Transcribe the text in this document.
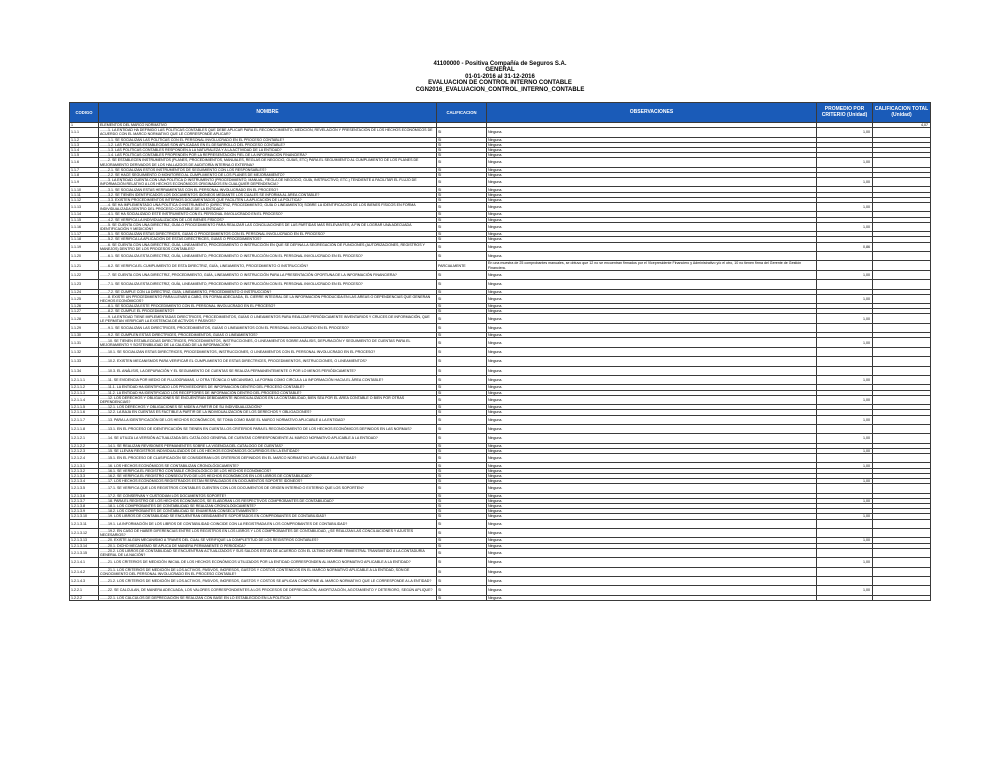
41100000 - Positiva Compañía de Seguros S.A.
GENERAL
01-01-2016 al 31-12-2016
EVALUACION DE CONTROL INTERNO CONTABLE
CGN2016_EVALUACION_CONTROL_INTERNO_CONTABLE
CODIGO	NOMBRE	CALIFICACION	OBSERVACIONES	PROMEDIO POR CRITERIO (Unidad)	CALIFICACION TOTAL (Unidad)
1	ELEMENTOS DEL MARCO NORMATIVO				4,07
1.1.1	........1. LA ENTIDAD HA DEFINIDO LAS POLÍTICAS CONTABLES QUE DEBE APLICAR PARA EL RECONOCIMIENTO, MEDICIÓN, REVELACIÓN Y PRESENTACIÓN DE LOS HECHOS ECONÓMICOS DE ACUERDO CON EL MARCO NORMATIVO QUE LE CORRESPONDE APLICAR?	SI	Ninguna.	1,00	
1.1.2	........1.1. SE SOCIALIZAN LAS POLÍTICAS CON EL PERSONAL INVOLUCRADO EN EL PROCESO CONTABLE?	SI	Ninguna.		
1.1.3	........1.2. LAS POLÍTICAS ESTABLECIDAS SON APLICADAS EN EL DESARROLLO DEL PROCESO CONTABLE?	SI	Ninguna.		
1.1.4	........1.3. LAS POLÍTICAS CONTABLES RESPONDEN A LA NATURALEZA Y A LA ACTIVIDAD DE LA ENTIDAD?	SI	Ninguna.		
1.1.5	........1.4. LAS POLÍTICAS CONTABLES PROPENDEN POR LA REPRESENTACIÓN FIEL DE LA INFORMACIÓN FINANCIERA?	SI	Ninguna.		
1.1.6	........2. SE ESTABLECEN INSTRUMENTOS (PLANES, PROCEDIMIENTOS, MANUALES, REGLAS DE NEGOCIO, GUÍAS, ETC) PARA EL SEGUIMIENTO AL CUMPLIMIENTO DE LOS PLANES DE MEJORAMIENTO DERIVADOS DE LOS HALLAZGOS DE AUDITORÍA INTERNA O EXTERNA?	SI	Ninguna.	1,00	
1.1.7	........2.1. SE SOCIALIZAN ESTOS INSTRUMENTOS DE SEGUIMIENTO CON LOS RESPONSABLES?	SI	Ninguna.		
1.1.8	........2.2. SE HACE SEGUIMIENTO O MONITOREO AL CUMPLIMIENTO DE LOS PLANES DE MEJORAMIENTO?	SI	Ninguna.		
1.1.9	........3. LA ENTIDAD CUENTA CON UNA POLÍTICA O INSTRUMENTO (PROCEDIMIENTO, MANUAL, REGLA DE NEGOCIO, GUÍA, INSTRUCTIVO, ETC.) TENDIENTE A FACILITAR EL FLUJO DE INFORMACIÓN RELATIVO A LOS HECHOS ECONÓMICOS ORIGINADOS EN CUALQUIER DEPENDENCIA?	SI	Ninguna.	1,00	
1.1.10	........3.1. SE SOCIALIZAN ESTAS HERRAMIENTAS CON EL PERSONAL INVOLUCRADO EN EL PROCESO?	SI	Ninguna.		
1.1.11	........3.2. SE TIENEN IDENTIFICADOS LOS DOCUMENTOS IDÓNEOS MEDIANTE LOS CUALES SE INFORMA AL ÁREA CONTABLE?	SI	Ninguna.		
1.1.12	........3.3. EXISTEN PROCEDIMIENTOS INTERNOS DOCUMENTADOS QUE FACILITEN LA APLICACIÓN DE LA POLÍTICA?	SI	Ninguna.		
1.1.13	........4. SE HA IMPLEMENTADO UNA POLÍTICA O INSTRUMENTO (DIRECTRIZ, PROCEDIMIENTO, GUÍA O LINEAMIENTO) SOBRE LA IDENTIFICACIÓN DE LOS BIENES FÍSICOS EN FORMA INDIVIDUALIZADA DENTRO DEL PROCESO CONTABLE DE LA ENTIDAD?	SI	Ninguna.	1,00	
1.1.14	........4.1. SE HA SOCIALIZADO ESTE INSTRUMENTO CON EL PERSONAL INVOLUCRADO EN EL PROCESO?	SI	Ninguna.		
1.1.15	........4.2. SE VERIFICA LA INDIVIDUALIZACIÓN DE LOS BIENES FÍSICOS?	SI	Ninguna.		
1.1.16	........5. SE CUENTA CON UNA DIRECTRIZ, GUÍA O PROCEDIMIENTO PARA REALIZAR LAS CONCILIACIONES DE LAS PARTIDAS MÁS RELEVANTES, A FIN DE LOGRAR UNA ADECUADA IDENTIFICACIÓN Y MEDICIÓN?	SI	Ninguna.	1,00	
1.1.17	........5.1. SE SOCIALIZAN ESTAS DIRECTRICES, GUÍAS O PROCEDIMIENTOS CON EL PERSONAL INVOLUCRADO EN EL PROCESO?	SI	Ninguna.		
1.1.18	........5.2. SE VERIFICA LA APLICACIÓN DE ESTAS DIRECTRICES, GUÍAS O PROCEDIMIENTOS?	SI	Ninguna.		
1.1.19	........6. SE CUENTA CON UNA DIRECTRIZ, GUÍA, LINEAMIENTO, PROCEDIMIENTO O INSTRUCCIÓN EN QUE SE DEFINA LA SEGREGACIÓN DE FUNCIONES (AUTORIZACIONES, REGISTROS Y MANEJOS) DENTRO DE LOS PROCESOS CONTABLES?	SI	Ninguna.	0,86	
1.1.20	........6.1. SE SOCIALIZA ESTA DIRECTRIZ, GUÍA, LINEAMIENTO, PROCEDIMIENTO O INSTRUCCIÓN CON EL PERSONAL INVOLUCRADO EN EL PROCESO?	SI	Ninguna.		
1.1.21	........6.2. SE VERIFICA EL CUMPLIMIENTO DE ESTA DIRECTRIZ, GUÍA, LINEAMIENTO, PROCEDIMIENTO O INSTRUCCIÓN?	PARCIALMENTE	En una muestra de 25 comprobantes manuales, se obtuvo que 12 no se encuentran firmados por el Vicepresidente Financiero y Administrativo y/o el otro, 10 no tienen firma del Gerente de Gestión Financiera.		
1.1.22	........7. SE CUENTA CON UNA DIRECTRIZ, PROCEDIMIENTO, GUÍA, LINEAMIENTO O INSTRUCCIÓN PARA LA PRESENTACIÓN OPORTUNA DE LA INFORMACIÓN FINANCIERA?	SI	Ninguna.	1,00	
1.1.23	........7.1. SE SOCIALIZA ESTA DIRECTRIZ, GUÍA, LINEAMIENTO, PROCEDIMIENTO O INSTRUCCIÓN CON EL PERSONAL INVOLUCRADO EN EL PROCESO?	SI	Ninguna.		
1.1.24	........7.2. SE CUMPLE CON LA DIRECTRIZ, GUÍA, LINEAMIENTO, PROCEDIMIENTO O INSTRUCCIÓN?	SI	Ninguna.		
1.1.25	........8. EXISTE UN PROCEDIMIENTO PARA LLEVAR A CABO, EN FORMA ADECUADA, EL CIERRE INTEGRAL DE LA INFORMACIÓN PRODUCIDA EN LAS ÁREAS O DEPENDENCIAS QUE GENERAN HECHOS ECONÓMICOS?	SI	Ninguna.	1,00	
1.1.26	........8.1. SE SOCIALIZA ESTE PROCEDIMIENTO CON EL PERSONAL INVOLUCRADO EN EL PROCESO?	SI	Ninguna.		
1.1.27	........8.2. SE CUMPLE EL PROCEDIMIENTO?	SI	Ninguna.		
1.1.28	........9. LA ENTIDAD TIENE IMPLEMENTADAS DIRECTRICES, PROCEDIMIENTOS, GUÍAS O LINEAMIENTOS PARA REALIZAR PERIÓDICAMENTE INVENTARIOS Y CRUCES DE INFORMACIÓN, QUE LE PERMITAN VERIFICAR LA EXISTENCIA DE ACTIVOS Y PASIVOS?	SI	Ninguna.	1,00	
1.1.29	........9.1. SE SOCIALIZAN LAS DIRECTRICES, PROCEDIMIENTOS, GUÍAS O LINEAMIENTOS CON EL PERSONAL INVOLUCRADO EN EL PROCESO?	SI	Ninguna.		
1.1.30	........9.2. SE CUMPLEN ESTAS DIRECTRICES, PROCEDIMIENTOS, GUÍAS O LINEAMIENTOS?	SI	Ninguna.		
1.1.31	........10. SE TIENEN ESTABLECIDAS DIRECTRICES, PROCEDIMIENTOS, INSTRUCCIONES, O LINEAMIENTOS SOBRE ANÁLISIS, DEPURACIÓN Y SEGUIMIENTO DE CUENTAS PARA EL MEJORAMIENTO Y SOSTENIBILIDAD DE LA CALIDAD DE LA INFORMACIÓN?	SI	Ninguna.	1,00	
1.1.32	........10.1. SE SOCIALIZAN ESTAS DIRECTRICES, PROCEDIMIENTOS, INSTRUCCIONES, O LINEAMIENTOS CON EL PERSONAL INVOLUCRADO EN EL PROCESO?	SI	Ninguna.		
1.1.33	........10.2. EXISTEN MECANISMOS PARA VERIFICAR EL CUMPLIMIENTO DE ESTAS DIRECTRICES, PROCEDIMIENTOS, INSTRUCCIONES, O LINEAMIENTOS?	SI	Ninguna.		
1.1.34	........10.3. EL ANÁLISIS, LA DEPURACIÓN Y EL SEGUIMIENTO DE CUENTAS SE REALIZA PERMANENTEMENTE O POR LO MENOS PERIÓDICAMENTE?	SI	Ninguna.		
1.2.1.1.1	........11. SE EVIDENCIA POR MEDIO DE FLUJOGRAMAS, U OTRA TÉCNICA O MECANISMO, LA FORMA COMO CIRCULA LA INFORMACIÓN HACIA EL ÁREA CONTABLE?	SI	Ninguna.	1,00	
1.2.1.1.2	........11.1. LA ENTIDAD HA IDENTIFICADO LOS PROVEEDORES DE INFORMACIÓN DENTRO DEL PROCESO CONTABLE?	SI	Ninguna.		
1.2.1.1.3	........11.2. LA ENTIDAD HA IDENTIFICADO LOS RECEPTORES DE INFORMACIÓN DENTRO DEL PROCESO CONTABLE?	SI	Ninguna.		
1.2.1.1.4	........12. LOS DERECHOS Y OBLIGACIONES SE ENCUENTRAN DEBIDAMENTE INDIVIDUALIZADOS EN LA CONTABILIDAD, BIEN SEA POR EL ÁREA CONTABLE O BIEN POR OTRAS DEPENDENCIAS?	SI	Ninguna.	1,00	
1.2.1.1.5	........12.1. LOS DERECHOS Y OBLIGACIONES SE MIDEN A PARTIR DE SU INDIVIDUALIZACIÓN?	SI	Ninguna.		
1.2.1.1.6	........12.2. LA BAJA EN CUENTAS ES FACTIBLE A PARTIR DE LA INDIVIDUALIZACIÓN DE LOS DERECHOS Y OBLIGACIONES?	SI	Ninguna.		
1.2.1.1.7	........13. PARA LA IDENTIFICACIÓN DE LOS HECHOS ECONÓMICOS, SE TOMA COMO BASE EL MARCO NORMATIVO APLICABLE A LA ENTIDAD?	SI	Ninguna.	1,00	
1.2.1.1.8	........13.1. EN EL PROCESO DE IDENTIFICACIÓN SE TIENEN EN CUENTA LOS CRITERIOS PARA EL RECONOCIMIENTO DE LOS HECHOS ECONÓMICOS DEFINIDOS EN LAS NORMAS?	SI	Ninguna.		
1.2.1.2.1	........14. SE UTILIZA LA VERSIÓN ACTUALIZADA DEL CATÁLOGO GENERAL DE CUENTAS CORRESPONDIENTE AL MARCO NORMATIVO APLICABLE A LA ENTIDAD?	SI	Ninguna.	1,00	
1.2.1.2.2	........14.1. SE REALIZAN REVISIONES PERMANENTES SOBRE LA VIGENCIA DEL CATÁLOGO DE CUENTAS?	SI	Ninguna.		
1.2.1.2.3	........15. SE LLEVAN REGISTROS INDIVIDUALIZADOS DE LOS HECHOS ECONÓMICOS OCURRIDOS EN LA ENTIDAD?	SI	Ninguna.	1,00	
1.2.1.2.4	........15.1. EN EL PROCESO DE CLASIFICACIÓN SE CONSIDERAN LOS CRITERIOS DEFINIDOS EN EL MARCO NORMATIVO APLICABLE A LA ENTIDAD?	SI	Ninguna.		
1.2.1.3.1	........16. LOS HECHOS ECONÓMICOS SE CONTABILIZAN CRONOLÓGICAMENTE?	SI	Ninguna.	1,00	
1.2.1.3.2	........16.1. SE VERIFICA EL REGISTRO CONTABLE CRONOLÓGICO DE LOS HECHOS ECONÓMICOS?	SI	Ninguna.		
1.2.1.3.3	........16.2. SE VERIFICA EL REGISTRO CONSECUTIVO DE LOS HECHOS ECONÓMICOS EN LOS LIBROS DE CONTABILIDAD?	SI	Ninguna.		
1.2.1.3.4	........17. LOS HECHOS ECONÓMICOS REGISTRADOS ESTÁN RESPALDADOS EN DOCUMENTOS SOPORTE IDÓNEOS?	SI	Ninguna.	1,00	
1.2.1.3.5	........17.1. SE VERIFICA QUE LOS REGISTROS CONTABLES CUENTEN CON LOS DOCUMENTOS DE ORIGEN INTERNO O EXTERNO QUE LOS SOPORTEN?	SI	Ninguna.		
1.2.1.3.6	........17.2. SE CONSERVAN Y CUSTODIAN LOS DOCUMENTOS SOPORTE?	SI	Ninguna.		
1.2.1.3.7	........18. PARA EL REGISTRO DE LOS HECHOS ECONÓMICOS, SE ELABORAN LOS RESPECTIVOS COMPROBANTES DE CONTABILIDAD?	SI	Ninguna.	1,00	
1.2.1.3.8	........18.1. LOS COMPROBANTES DE CONTABILIDAD SE REALIZAN CRONOLÓGICAMENTE?	SI	Ninguna.		
1.2.1.3.9	........18.2. LOS COMPROBANTES DE CONTABILIDAD SE ENUMERAN CONSECUTIVAMENTE?	SI	Ninguna.		
1.2.1.3.10	........19. LOS LIBROS DE CONTABILIDAD SE ENCUENTRAN DEBIDAMENTE SOPORTADOS EN COMPROBANTES DE CONTABILIDAD?	SI	Ninguna.	1,00	
1.2.1.3.11	........19.1. LA INFORMACIÓN DE LOS LIBROS DE CONTABILIDAD COINCIDE CON LA REGISTRADA EN LOS COMPROBANTES DE CONTABILIDAD?	SI	Ninguna.		
1.2.1.3.12	........19.2. EN CASO DE HABER DIFERENCIAS ENTRE LOS REGISTROS EN LOS LIBROS Y LOS COMPROBANTES DE CONTABILIDAD, ¿SE REALIZAN LAS CONCILIACIONES Y AJUSTES NECESARIOS?	SI	Ninguna.		
1.2.1.3.13	........20. EXISTE ALGÚN MECANISMO A TRAVÉS DEL CUAL SE VERIFIQUE LA COMPLETITUD DE LOS REGISTROS CONTABLES?	SI	Ninguna.	1,00	
1.2.1.3.14	........20.1. DICHO MECANISMO SE APLICA DE MANERA PERMANENTE O PERIÓDICA?	SI	Ninguna.		
1.2.1.3.15	........20.2. LOS LIBROS DE CONTABILIDAD SE ENCUENTRAN ACTUALIZADOS Y SUS SALDOS ESTÁN DE ACUERDO CON EL ÚLTIMO INFORME TRIMESTRAL TRANSMITIDO A LA CONTADURÍA GENERAL DE LA NACIÓN?	SI	Ninguna.		
1.2.1.4.1	........21. LOS CRITERIOS DE MEDICIÓN INICIAL DE LOS HECHOS ECONÓMICOS UTILIZADOS POR LA ENTIDAD CORRESPONDEN AL MARCO NORMATIVO APLICABLE A LA ENTIDAD?	SI	Ninguna.	1,00	
1.2.1.4.2	........21.1. LOS CRITERIOS DE MEDICIÓN DE LOS ACTIVOS, PASIVOS, INGRESOS, GASTOS Y COSTOS CONTENIDOS EN EL MARCO NORMATIVO APLICABLE A LA ENTIDAD, SON DE CONOCIMIENTO DEL PERSONAL INVOLUCRADO EN EL PROCESO CONTABLE?	SI	Ninguna.		
1.2.1.4.3	........21.2. LOS CRITERIOS DE MEDICIÓN DE LOS ACTIVOS, PASIVOS, INGRESOS, GASTOS Y COSTOS SE APLICAN CONFORME AL MARCO NORMATIVO QUE LE CORRESPONDE A LA ENTIDAD?	SI	Ninguna.		
1.2.2.1	........22. SE CALCULAN, DE MANERA ADECUADA, LOS VALORES CORRESPONDIENTES A LOS PROCESOS DE DEPRECIACIÓN, AMORTIZACIÓN, AGOTAMIENTO Y DETERIORO, SEGÚN APLIQUE?	SI	Ninguna.	1,00	
1.2.2.2	........22.1. LOS CÁLCULOS DE DEPRECIACIÓN SE REALIZAN CON BASE EN LO ESTABLECIDO EN LA POLÍTICA?	SI	Ninguna.		
